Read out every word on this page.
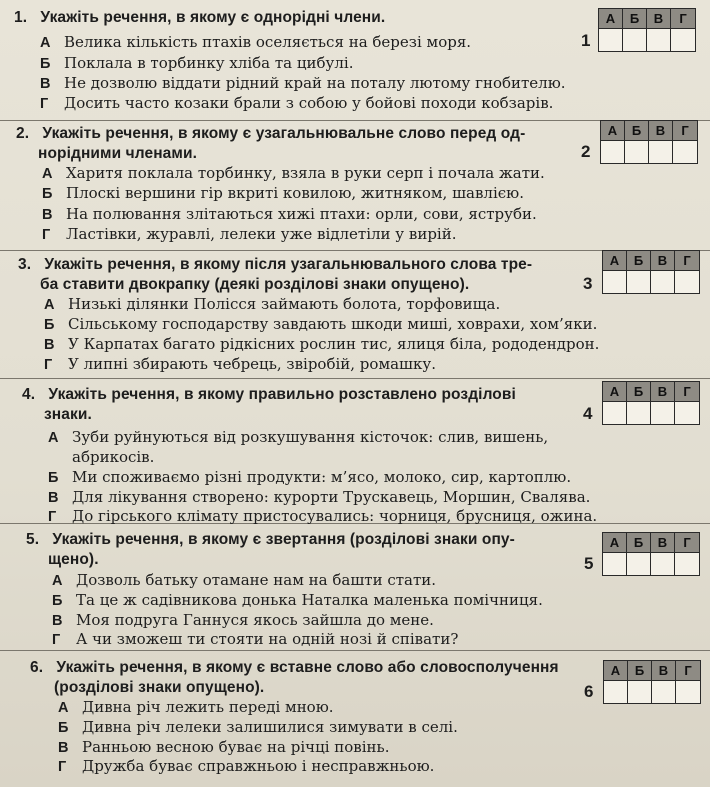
1. Укажіть речення, в якому є однорідні члени.
А Велика кількість птахів оселяється на березі моря.
Б Поклала в торбинку хліба та цибулі.
В Не дозволю віддати рідний край на поталу лютому гнобителю.
Г Досить часто козаки брали з собою у бойові походи кобзарів.
1
А	Б	В	Г
2. Укажіть речення, в якому є узагальнювальне слово перед од-
норідними членами.
А Харитя поклала торбинку, взяла в руки серп і почала жати.
Б Плоскі вершини гір вкриті ковилою, житняком, шавлією.
В На полювання злітаються хижі птахи: орли, сови, яструби.
Г Ластівки, журавлі, лелеки уже відлетіли у вирій.
2
А	Б	В	Г
3. Укажіть речення, в якому після узагальнювального слова тре-
ба ставити двокрапку (деякі розділові знаки опущено).
А Низькі ділянки Полісся займають болота, торфовища.
Б Сільському господарству завдають шкоди миші, ховрахи, хом’яки.
В У Карпатах багато рідкісних рослин тис, ялиця біла, рододендрон.
Г У липні збирають чебрець, звіробій, ромашку.
3
А	Б	В	Г
4. Укажіть речення, в якому правильно розставлено розділові
знаки.
А Зуби руйнуються від розкушування кісточок: слив, вишень,
абрикосів.
Б Ми споживаємо різні продукти: м’ясо, молоко, сир, картоплю.
В Для лікування створено: курорти Трускавець, Моршин, Свалява.
Г До гірського клімату пристосувались: чорниця, брусниця, ожина.
4
А	Б	В	Г
5. Укажіть речення, в якому є звертання (розділові знаки опу-
щено).
А Дозволь батьку отамане нам на башти стати.
Б Та це ж садівникова донька Наталка маленька помічниця.
В Моя подруга Ганнуся якось зайшла до мене.
Г А чи зможеш ти стояти на одній нозі й співати?
5
А	Б	В	Г
6. Укажіть речення, в якому є вставне слово або словосполучення
(розділові знаки опущено).
А Дивна річ лежить переді мною.
Б Дивна річ лелеки залишилися зимувати в селі.
В Ранньою весною буває на річці повінь.
Г Дружба буває справжньою і несправжньою.
6
А	Б	В	Г
